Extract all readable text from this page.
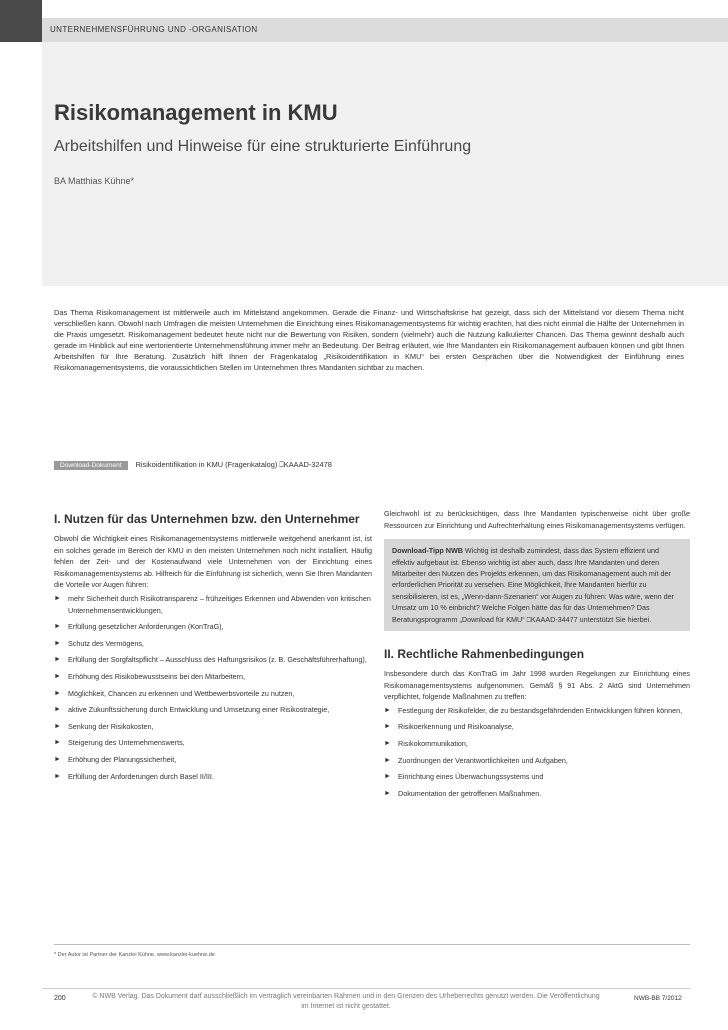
UNTERNEHMENSFÜHRUNG UND -ORGANISATION
Risikomanagement in KMU

Arbeitshilfen und Hinweise für eine strukturierte Einführung

BA Matthias Kühne*

Das Thema Risikomanagement ist mittlerweile auch im Mittelstand angekommen. Gerade die Finanz- und Wirtschaftskrise hat gezeigt, dass sich der Mittelstand vor diesem Thema nicht verschließen kann. Obwohl nach Umfragen die meisten Unternehmen die Einrichtung eines Risikomanagementsystems für wichtig erachten, hat dies nicht einmal die Hälfte der Unternehmen in die Praxis umgesetzt. Risikomanagement bedeutet heute nicht nur die Bewertung von Risiken, sondern (vielmehr) auch die Nutzung kalkulierter Chancen. Das Thema gewinnt deshalb auch gerade im Hinblick auf eine wertorientierte Unternehmensführung immer mehr an Bedeutung. Der Beitrag erläutert, wie Ihre Mandanten ein Risikomanagement aufbauen können und gibt Ihnen Arbeitshilfen für Ihre Beratung. Zusätzlich hilft Ihnen der Fragenkatalog „Risikoidentifikation in KMU“ bei ersten Gesprächen über die Notwendigkeit der Einführung eines Risikomanagementsystems, die voraussichtlichen Stellen im Unternehmen Ihres Mandanten sichtbar zu machen.

Download-Dokument	Risikoidentifikation in KMU (Fragenkatalog) ⎕KAAAD-32478
I. Nutzen für das Unternehmen bzw. den Unternehmer

Obwohl die Wichtigkeit eines Risikomanagementsystems mittlerweile weitgehend anerkannt ist, ist ein solches gerade im Bereich der KMU in den meisten Unternehmen noch nicht installiert. Häufig fehlen der Zeit- und der Kostenaufwand viele Unternehmen von der Einrichtung eines Risikomanagementsystems ab. Hilfreich für die Einführung ist sicherlich, wenn Sie Ihren Mandanten die Vorteile vor Augen führen:

► mehr Sicherheit durch Risikotransparenz – frühzeitiges Erkennen und Abwenden von kritischen Unternehmensentwicklungen,
► Erfüllung gesetzlicher Anforderungen (KonTraG),
► Schutz des Vermögens,
► Erfüllung der Sorgfaltspflicht – Ausschluss des Haftungsrisikos (z. B. Geschäftsführerhaftung),
► Erhöhung des Risikobewusstseins bei den Mitarbeitern,
► Möglichkeit, Chancen zu erkennen und Wettbewerbsvorteile zu nutzen,
► aktive Zukunftssicherung durch Entwicklung und Umsetzung einer Risikostrategie,
► Senkung der Risikokosten,
► Steigerung des Unternehmenswerts,
► Erhöhung der Planungssicherheit,
► Erfüllung der Anforderungen durch Basel II/III.

Gleichwohl ist zu berücksichtigen, dass Ihre Mandanten typischerweise nicht über große Ressourcen zur Einrichtung und Aufrechterhaltung eines Risikomanagementsystems verfügen.

Download-Tipp NWB Wichtig ist deshalb zumindest, dass das System effizient und effektiv aufgebaut ist. Ebenso wichtig ist aber auch, dass Ihre Mandanten und deren Mitarbeiter den Nutzen des Projekts erkennen, um das Risikomanagement auch mit der erforderlichen Priorität zu versehen. Eine Möglichkeit, Ihre Mandanten hierfür zu sensibilisieren, ist es, „Wenn-dann-Szenarien“ vor Augen zu führen: Was wäre, wenn der Umsatz um 10 % einbricht? Welche Folgen hätte das für das Unternehmen? Das Beratungsprogramm „Download für KMU“ ⎕KAAAD-34477 unterstützt Sie hierbei.
II. Rechtliche Rahmenbedingungen

Insbesondere durch das KonTraG im Jahr 1998 wurden Regelungen zur Einrichtung eines Risikomanagementsystems aufgenommen. Gemäß § 91 Abs. 2 AktG sind Unternehmen verpflichtet, folgende Maßnahmen zu treffen:

► Festlegung der Risikofelder, die zu bestandsgefährdenden Entwicklungen führen können,
► Risikoerkennung und Risikoanalyse,
► Risikokommunikation,
► Zuordnungen der Verantwortlichkeiten und Aufgaben,
► Einrichtung eines Überwachungssystems und
► Dokumentation der getroffenen Maßnahmen.
* Der Autor ist Partner der Kanzlei Kühne. www.kanzlei-kuehne.de
200	© NWB Verlag. Das Dokument darf ausschließlich im vertraglich vereinbarten Rahmen und in den Grenzen des Urheberrechts genutzt werden. Die Veröffentlichung im Internet ist nicht gestattet.
NWB-BB 7/2012
